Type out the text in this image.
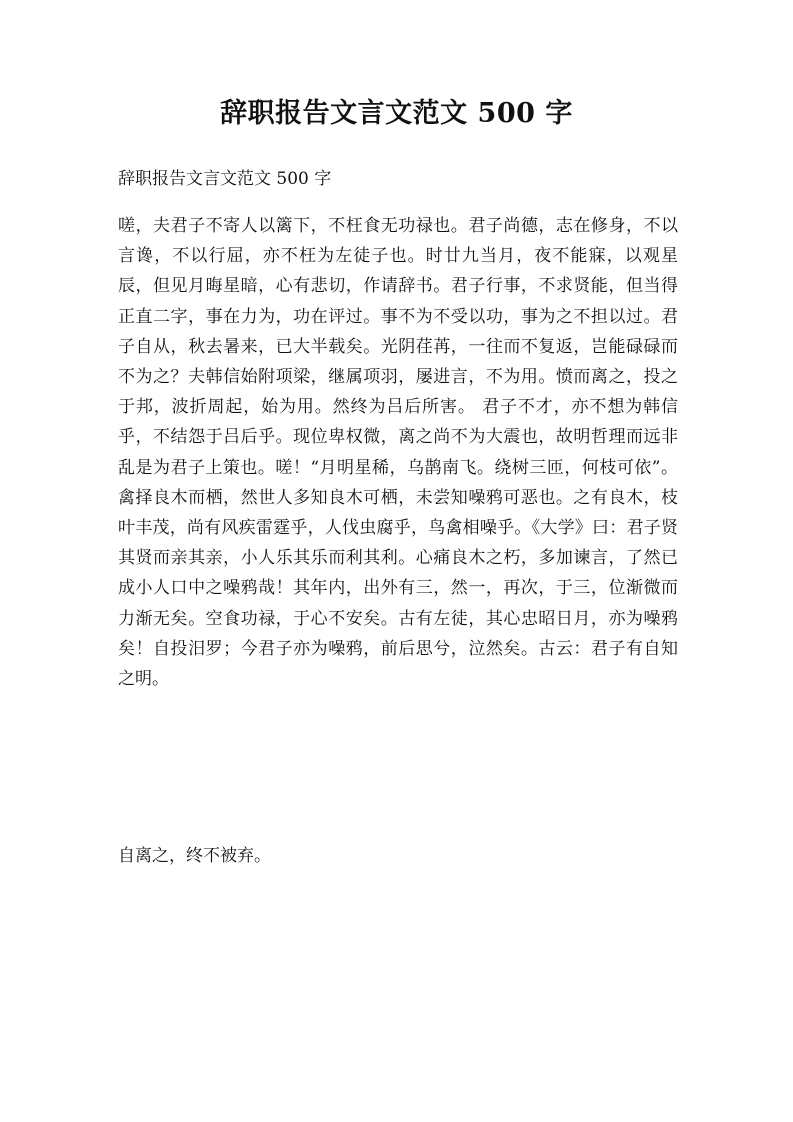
辞职报告文言文范文 500 字
辞职报告文言文范文 500 字

嗟，夫君子不寄人以篱下，不枉食无功禄也。君子尚德，志在修身，不以言谗，不以行屈，亦不枉为左徒子也。时廿九当月，夜不能寐，以观星辰，但见月晦星暗，心有悲切，作请辞书。君子行事，不求贤能，但当得正直二字，事在力为，功在评过。事不为不受以功，事为之不担以过。君子自从，秋去暑来，已大半载矣。光阴荏苒，一往而不复返，岂能碌碌而不为之？夫韩信始附项梁，继属项羽，屡进言，不为用。愤而离之，投之于邦，波折周起，始为用。然终为吕后所害。 君子不才，亦不想为韩信乎，不结怨于吕后乎。现位卑权微，离之尚不为大震也，故明哲理而远非乱是为君子上策也。嗟！“月明星稀，乌鹊南飞。绕树三匝，何枝可依”。禽择良木而栖，然世人多知良木可栖，未尝知噪鸦可恶也。之有良木，枝叶丰茂，尚有风疾雷霆乎，人伐虫腐乎，鸟禽相噪乎。《大学》曰：君子贤其贤而亲其亲，小人乐其乐而利其利。心痛良木之朽，多加谏言，了然已成小人口中之噪鸦哉！其年内，出外有三，然一，再次，于三，位渐微而力渐无矣。空食功禄，于心不安矣。古有左徒，其心忠昭日月，亦为噪鸦矣！自投汨罗；今君子亦为噪鸦，前后思兮，泣然矣。古云：君子有自知之明。

自离之，终不被弃。
